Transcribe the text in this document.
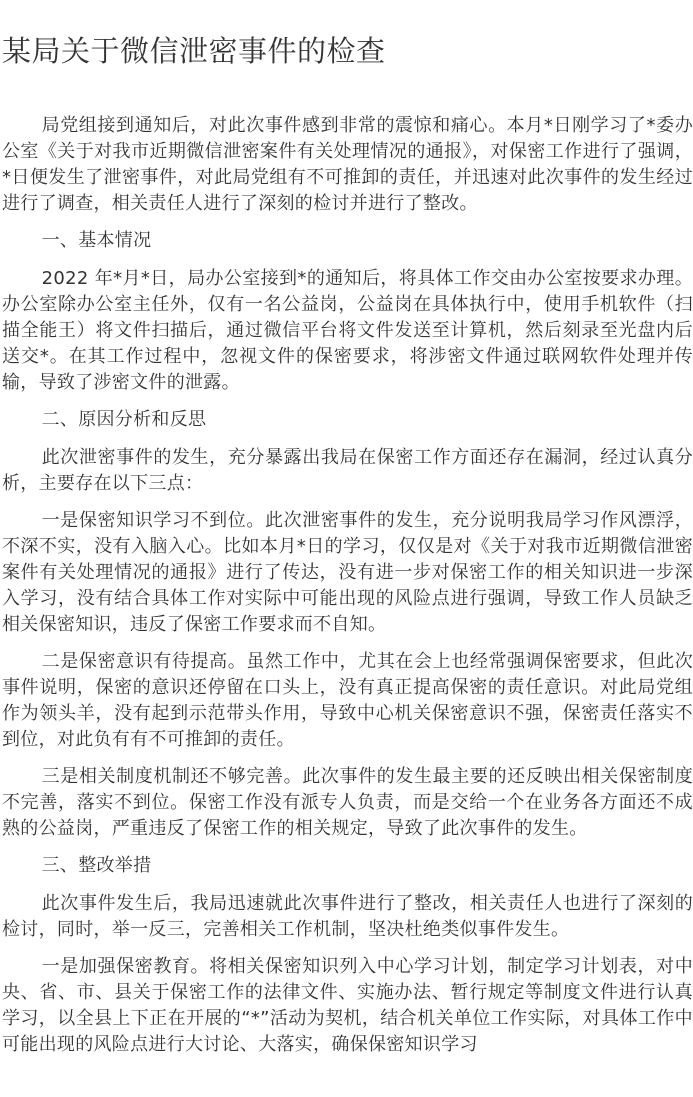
某局关于微信泄密事件的检查

局党组接到通知后，对此次事件感到非常的震惊和痛心。本月*日刚学习了*委办公室《关于对我市近期微信泄密案件有关处理情况的通报》，对保密工作进行了强调，*日便发生了泄密事件，对此局党组有不可推卸的责任，并迅速对此次事件的发生经过进行了调查，相关责任人进行了深刻的检讨并进行了整改。

一、基本情况

2022 年*月*日，局办公室接到*的通知后，将具体工作交由办公室按要求办理。办公室除办公室主任外，仅有一名公益岗，公益岗在具体执行中，使用手机软件（扫描全能王）将文件扫描后，通过微信平台将文件发送至计算机，然后刻录至光盘内后送交*。在其工作过程中，忽视文件的保密要求，将涉密文件通过联网软件处理并传输，导致了涉密文件的泄露。

二、原因分析和反思

此次泄密事件的发生，充分暴露出我局在保密工作方面还存在漏洞，经过认真分析，主要存在以下三点：

一是保密知识学习不到位。此次泄密事件的发生，充分说明我局学习作风漂浮，不深不实，没有入脑入心。比如本月*日的学习，仅仅是对《关于对我市近期微信泄密案件有关处理情况的通报》进行了传达，没有进一步对保密工作的相关知识进一步深入学习，没有结合具体工作对实际中可能出现的风险点进行强调，导致工作人员缺乏相关保密知识，违反了保密工作要求而不自知。

二是保密意识有待提高。虽然工作中，尤其在会上也经常强调保密要求，但此次事件说明，保密的意识还停留在口头上，没有真正提高保密的责任意识。对此局党组作为领头羊，没有起到示范带头作用，导致中心机关保密意识不强，保密责任落实不到位，对此负有有不可推卸的责任。

三是相关制度机制还不够完善。此次事件的发生最主要的还反映出相关保密制度不完善，落实不到位。保密工作没有派专人负责，而是交给一个在业务各方面还不成熟的公益岗，严重违反了保密工作的相关规定，导致了此次事件的发生。

三、整改举措

此次事件发生后，我局迅速就此次事件进行了整改，相关责任人也进行了深刻的检讨，同时，举一反三，完善相关工作机制，坚决杜绝类似事件发生。

一是加强保密教育。将相关保密知识列入中心学习计划，制定学习计划表，对中央、省、市、县关于保密工作的法律文件、实施办法、暂行规定等制度文件进行认真学习，以全县上下正在开展的“*”活动为契机，结合机关单位工作实际，对具体工作中可能出现的风险点进行大讨论、大落实，确保保密知识学习
